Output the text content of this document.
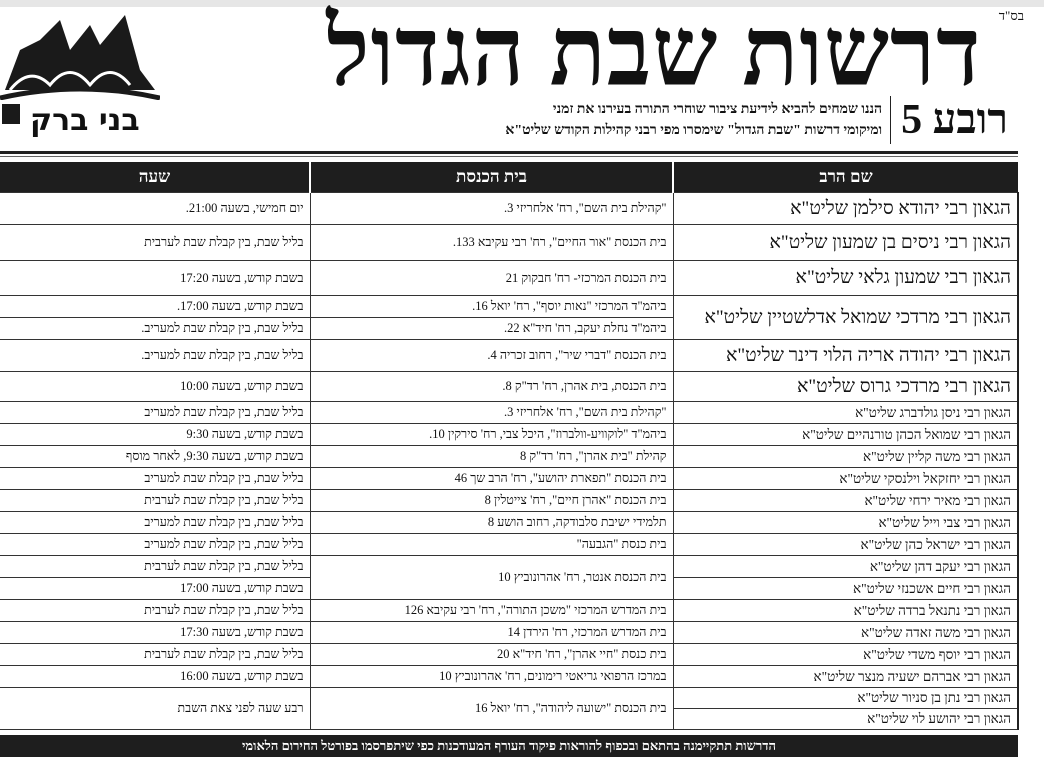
בס"ד
דרשות שבת הגדול
רובע 5
הננו שמחים להביא לידיעת ציבור שוחרי התורה בעירנו את זמני
ומיקומי דרשות "שבת הגדול" שימסרו מפי רבני קהילות הקודש שליט"א
בני ברק
שם הרב	בית הכנסת	שעה
הגאון רבי יהודא סילמן שליט"א	"קהילת בית השם", רח' אלחריזי 3.	יום חמישי, בשעה 21:00.
הגאון רבי ניסים בן שמעון שליט"א	בית הכנסת "אור החיים", רח' רבי עקיבא 133.	בליל שבת, בין קבלת שבת לערבית
הגאון רבי שמעון גלאי שליט"א	בית הכנסת המרכזי- רח' חבקוק 21	בשבת קודש, בשעה 17:20
הגאון רבי מרדכי שמואל אדלשטיין שליט"א	ביהמ"ד המרכזי "נאות יוסף", רח' יואל 16.	בשבת קודש, בשעה 17:00.
	ביהמ"ד נחלת יעקב, רח' חיד"א 22.	בליל שבת, בין קבלת שבת למעריב.
הגאון רבי יהודה אריה הלוי דינר שליט"א	בית הכנסת "דברי שיר", רחוב זכריה 4.	בליל שבת, בין קבלת שבת למעריב.
הגאון רבי מרדכי גרוס שליט"א	בית הכנסת, בית אהרן, רח' רד"ק 8.	בשבת קודש, בשעה 10:00
הגאון רבי ניסן גולדברג שליט"א	"קהילת בית השם", רח' אלחריזי 3.	בליל שבת, בין קבלת שבת למעריב
הגאון רבי שמואל הכהן טורנהיים שליט"א	ביהמ"ד "לוקוויע-וולברוז", היכל צבי, רח' סירקין 10.	בשבת קודש, בשעה 9:30
הגאון רבי משה קליין שליט"א	קהילת "בית אהרן", רח' רד"ק 8	בשבת קודש, בשעה 9:30, לאחר מוסף
הגאון רבי יחזקאל וילנסקי שליט"א	בית הכנסת "תפארת יהושע", רח' הרב שך 46	בליל שבת, בין קבלת שבת למעריב
הגאון רבי מאיר ירחי שליט"א	בית הכנסת "אהרן חיים", רח' צייטלין 8	בליל שבת, בין קבלת שבת לערבית
הגאון רבי צבי וייל שליט"א	תלמידי ישיבת סלבודקה, רחוב הושע 8	בליל שבת, בין קבלת שבת למעריב
הגאון רבי ישראל כהן שליט"א	בית כנסת "הגבעה"	בליל שבת, בין קבלת שבת למעריב
הגאון רבי יעקב דהן שליט"א	בית הכנסת אנטר, רח' אהרונוביץ 10	בליל שבת, בין קבלת שבת לערבית
הגאון רבי חיים אשכנזי שליט"א		בשבת קודש, בשעה 17:00
הגאון רבי נתנאל ברדה שליט"א	בית המדרש המרכזי "משכן התורה", רח' רבי עקיבא 126	בליל שבת, בין קבלת שבת לערבית
הגאון רבי משה זאדה שליט"א	בית המדרש המרכזי, רח' הירדן 14	בשבת קודש, בשעה 17:30
הגאון רבי יוסף משדי שליט"א	בית כנסת "חיי אהרן", רח' חיד"א 20	בליל שבת, בין קבלת שבת לערבית
הגאון רבי אברהם ישעיה מנצר שליט"א	במרכז הרפואי גריאטי רימונים, רח' אהרונוביץ 10	בשבת קודש, בשעה 16:00
הגאון רבי נתן בן סניור שליט"א	בית הכנסת "ישועה ליהודה", רח' יואל 16	רבע שעה לפני צאת השבת
הגאון רבי יהושע לוי שליט"א		
הדרשות תתקיימנה בהתאם ובכפוף להוראות פיקוד העורף המעודכנות כפי שיתפרסמו בפורטל החירום הלאומי
